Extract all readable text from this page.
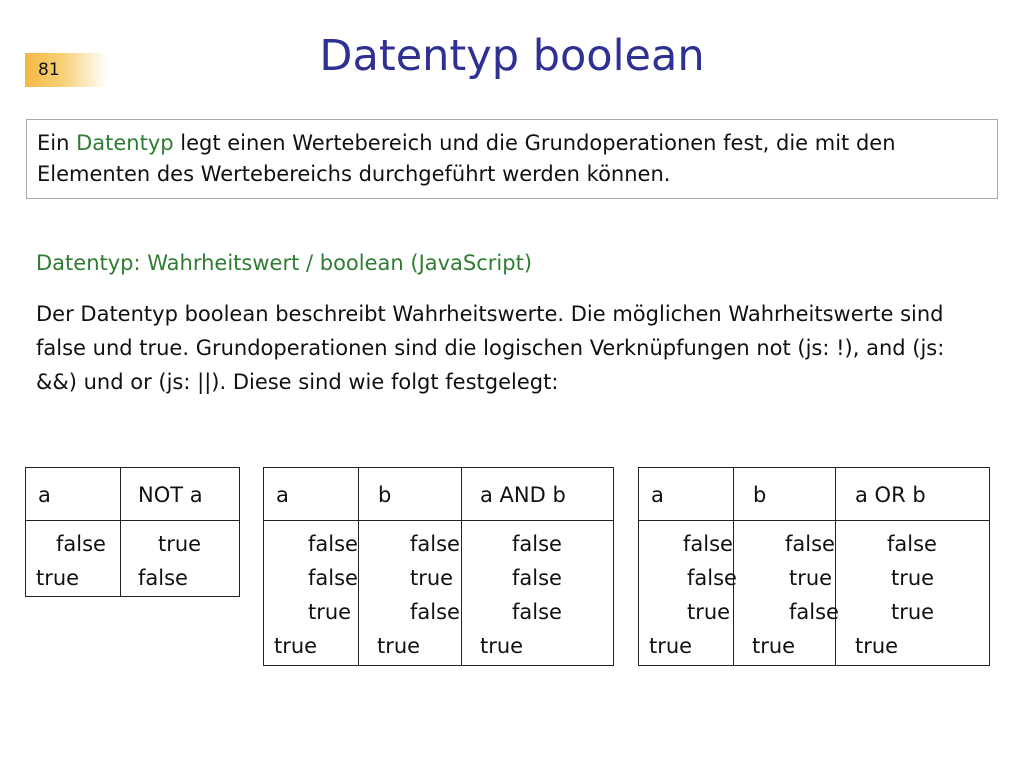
81	Datentyp boolean
Ein Datentyp legt einen Wertebereich und die Grundoperationen fest, die mit den Elementen des Wertebereichs durchgeführt werden können.
Datentyp: Wahrheitswert / boolean (JavaScript)
Der Datentyp boolean beschreibt Wahrheitswerte. Die möglichen Wahrheitswerte sind false und true. Grundoperationen sind die logischen Verknüpfungen not (js: !), and (js: &&) und or (js: ||). Diese sind wie folgt festgelegt:
a	NOT a
false true
true	false
a	b	a AND b
false false false
false true	false
true	false false
true	true	true
a	b	a OR b
false false false
false true	true
true	false true
true	true	true
